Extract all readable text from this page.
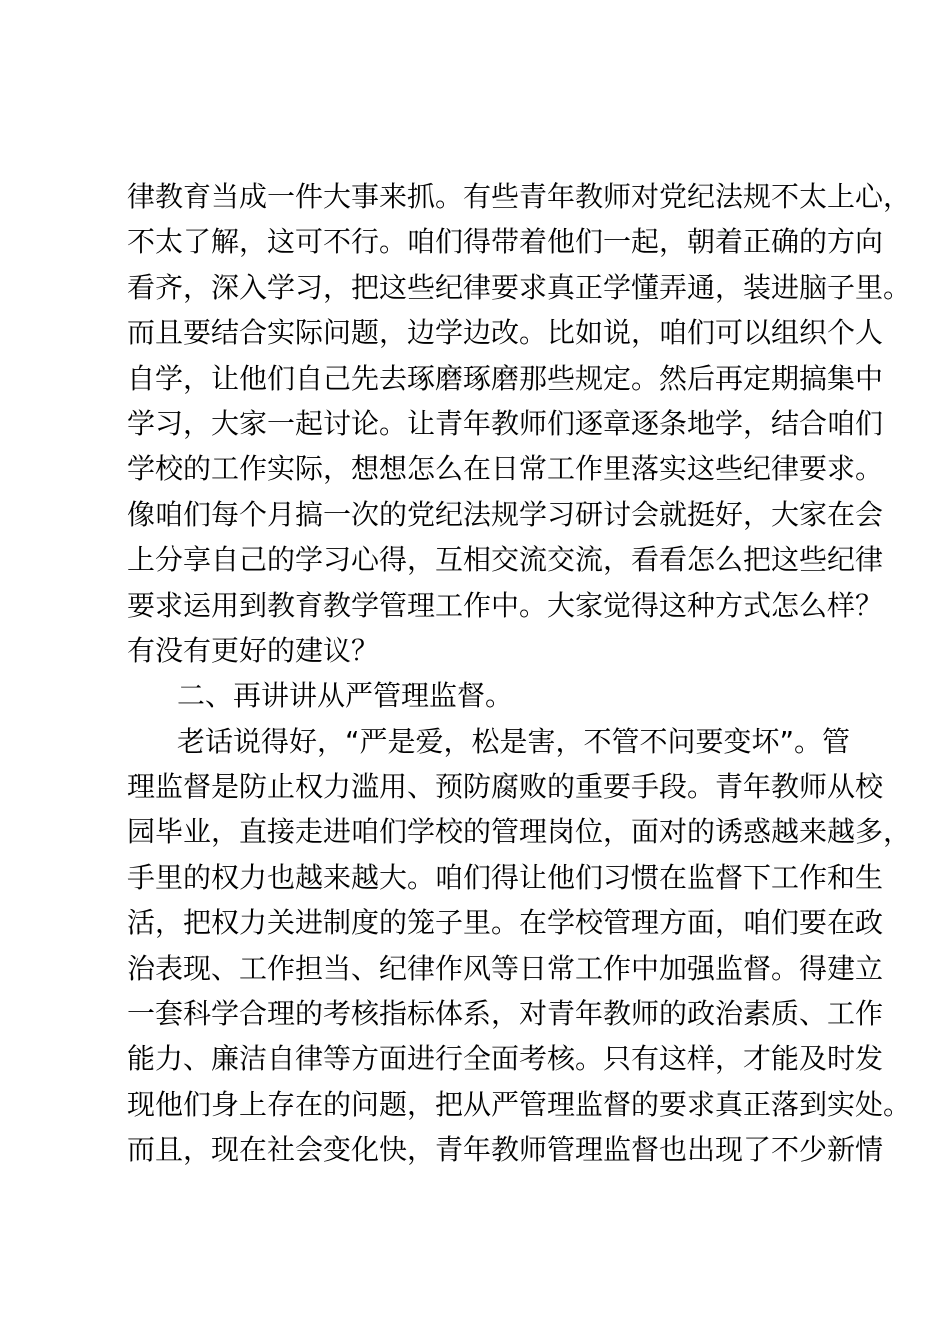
律教育当成一件大事来抓。有些青年教师对党纪法规不太上心，
不太了解，这可不行。咱们得带着他们一起，朝着正确的方向
看齐，深入学习，把这些纪律要求真正学懂弄通，装进脑子里。
而且要结合实际问题，边学边改。比如说，咱们可以组织个人
自学，让他们自己先去琢磨琢磨那些规定。然后再定期搞集中
学习，大家一起讨论。让青年教师们逐章逐条地学，结合咱们
学校的工作实际，想想怎么在日常工作里落实这些纪律要求。
像咱们每个月搞一次的党纪法规学习研讨会就挺好，大家在会
上分享自己的学习心得，互相交流交流，看看怎么把这些纪律
要求运用到教育教学管理工作中。大家觉得这种方式怎么样？
有没有更好的建议？
二、再讲讲从严管理监督。
老话说得好，“严是爱，松是害，不管不问要变坏”。管
理监督是防止权力滥用、预防腐败的重要手段。青年教师从校
园毕业，直接走进咱们学校的管理岗位，面对的诱惑越来越多，
手里的权力也越来越大。咱们得让他们习惯在监督下工作和生
活，把权力关进制度的笼子里。在学校管理方面，咱们要在政
治表现、工作担当、纪律作风等日常工作中加强监督。得建立
一套科学合理的考核指标体系，对青年教师的政治素质、工作
能力、廉洁自律等方面进行全面考核。只有这样，才能及时发
现他们身上存在的问题，把从严管理监督的要求真正落到实处。
而且，现在社会变化快，青年教师管理监督也出现了不少新情
